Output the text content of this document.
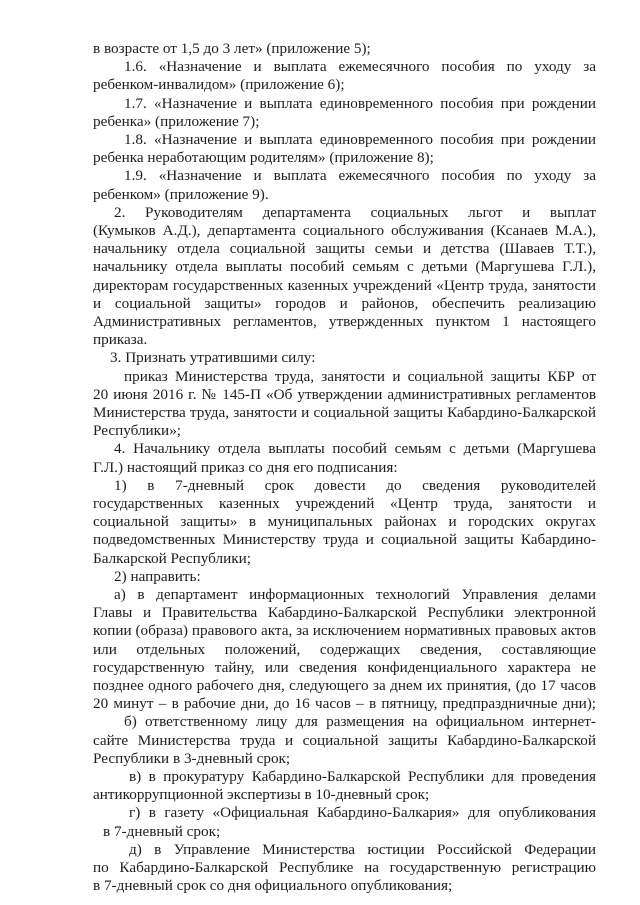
в возрасте от 1,5 до 3 лет» (приложение 5);
1.6. «Назначение и выплата ежемесячного пособия по уходу за
ребенком-инвалидом» (приложение 6);
1.7. «Назначение и выплата единовременного пособия при рождении
ребенка» (приложение 7);
1.8. «Назначение и выплата единовременного пособия при рождении
ребенка неработающим родителям» (приложение 8);
1.9. «Назначение и выплата ежемесячного пособия по уходу за
ребенком» (приложение 9).
2. Руководителям департамента социальных льгот и выплат
(Кумыков А.Д.), департамента социального обслуживания (Ксанаев М.А.),
начальнику отдела социальной защиты семьи и детства (Шаваев Т.Т.),
начальнику отдела выплаты пособий семьям с детьми (Маргушева Г.Л.),
директорам государственных казенных учреждений «Центр труда, занятости
и социальной защиты» городов и районов, обеспечить реализацию
Административных регламентов, утвержденных пунктом 1 настоящего
приказа.
3. Признать утратившими силу:
приказ Министерства труда, занятости и социальной защиты КБР от
20 июня 2016 г. № 145-П «Об утверждении административных регламентов
Министерства труда, занятости и социальной защиты Кабардино-Балкарской
Республики»;
4. Начальнику отдела выплаты пособий семьям с детьми (Маргушева
Г.Л.) настоящий приказ со дня его подписания:
1) в 7-дневный срок довести до сведения руководителей
государственных казенных учреждений «Центр труда, занятости и
социальной защиты» в муниципальных районах и городских округах
подведомственных Министерству труда и социальной защиты Кабардино-
Балкарской Республики;
2) направить:
а) в департамент информационных технологий Управления делами
Главы и Правительства Кабардино-Балкарской Республики электронной
копии (образа) правового акта, за исключением нормативных правовых актов
или отдельных положений, содержащих сведения, составляющие
государственную тайну, или сведения конфиденциального характера не
позднее одного рабочего дня, следующего за днем их принятия, (до 17 часов
20 минут – в рабочие дни, до 16 часов – в пятницу, предпраздничные дни);
б) ответственному лицу для размещения на официальном интернет-
сайте Министерства труда и социальной защиты Кабардино-Балкарской
Республики в 3-дневный срок;
в) в прокуратуру Кабардино-Балкарской Республики для проведения
антикоррупционной экспертизы в 10-дневный срок;
г) в газету «Официальная Кабардино-Балкария» для опубликования
в 7-дневный срок;
д) в Управление Министерства юстиции Российской Федерации
по Кабардино-Балкарской Республике на государственную регистрацию
в 7-дневный срок со дня официального опубликования;
